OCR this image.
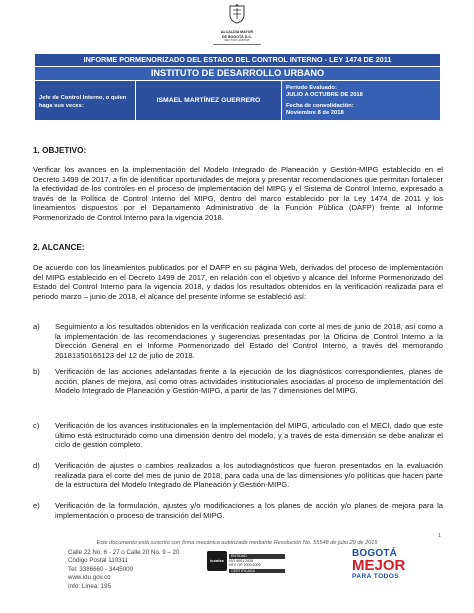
ALCALDÍA MAYOR
DE BOGOTÁ D.C.
SECTOR HÁBITAT
INFORME PORMENORIZADO DEL ESTADO DEL CONTROL INTERNO - LEY 1474 DE 2011
INSTITUTO DE DESARROLLO URBANO
Jefe de Control Interno, o quien haga sus veces:
ISMAEL MARTÍNEZ GUERRERO
Periodo Evaluado:
JULIO A OCTUBRE DE 2018
Fecha de consolidación:
Noviembre 8 de 2018
1. OBJETIVO:
Verificar los avances en la implementación del Modelo Integrado de Planeación y Gestión-MIPG establecido en el Decreto 1499 de 2017, a fin de identificar oportunidades de mejora y presentar recomendaciones que permitan fortalecer la efectividad de los controles en el proceso de implementación del MIPG y el Sistema de Control Interno, expresado a través de la Política de Control Interno del MIPG, dentro del marco establecido por la Ley 1474 de 2011 y los lineamientos dispuestos por el Departamento Administrativo de la Función Pública (DAFP) frente al Informe Pormenorizado de Control Interno para la vigencia 2018.
2. ALCANCE:
De acuerdo con los lineamientos publicados por el DAFP en su página Web, derivados del proceso de implementación del MIPG establecido en el Decreto 1499 de 2017, en relación con el objetivo y alcance del Informe Pormenorizado del Estado del Control Interno para la vigencia 2018, y dados los resultados obtenidos en la verificación realizada para el periodo marzo – junio de 2018, el alcance del presente informe se estableció así:
a) Seguimiento a los resultados obtenidos en la verificación realizada con corte al mes de junio de 2018, así como a la implementación de las recomendaciones y sugerencias presentadas por la Oficina de Control Interno a la Dirección General en el Informe Pormenorizado del Estado del Control Interno, a través del memorando 20181350165123 del 12 de julio de 2018.
b) Verificación de las acciones adelantadas frente a la ejecución de los diagnósticos correspondientes, planes de acción, planes de mejora, así como otras actividades institucionales asociadas al proceso de implementación del Modelo Integrado de Planeación y Gestión-MIPG, a partir de las 7 dimensiones del MIPG.
c) Verificación de los avances institucionales en la implementación del MIPG, articulado con el MECI, dado que este último está estructurado como una dimensión dentro del modelo, y a través de esta dimensión se debe analizar el ciclo de gestión completo.
d) Verificación de ajustes o cambios realizados a los autodiagnósticos que fueron presentados en la evaluación realizada para el corte del mes de junio de 2018, para cada una de las dimensiones y/o políticas que hacen parte de la estructura del Modelo Integrado de Planeación y Gestión-MIPG.
e) Verificación de la formulación, ajustes y/o modificaciones a los planes de acción y/o planes de mejora para la implementación o proceso de transición del MIPG.
1
Este documento está suscrito con firma mecánica autorizada mediante Resolución No. 55548 de julio 29 de 2015
Calle 22 No. 6 - 27 o Calle 20 No. 9 – 20
Código Postal 110311
Tel: 3386660 - 3445000
www.idu.gov.co
Info: Línea: 195
icontec
ENTIDAD
ISO 9001:2008
NTC GP 1000:2009
CERTIFICADA
BOGOTÁ
MEJOR
PARA TODOS
